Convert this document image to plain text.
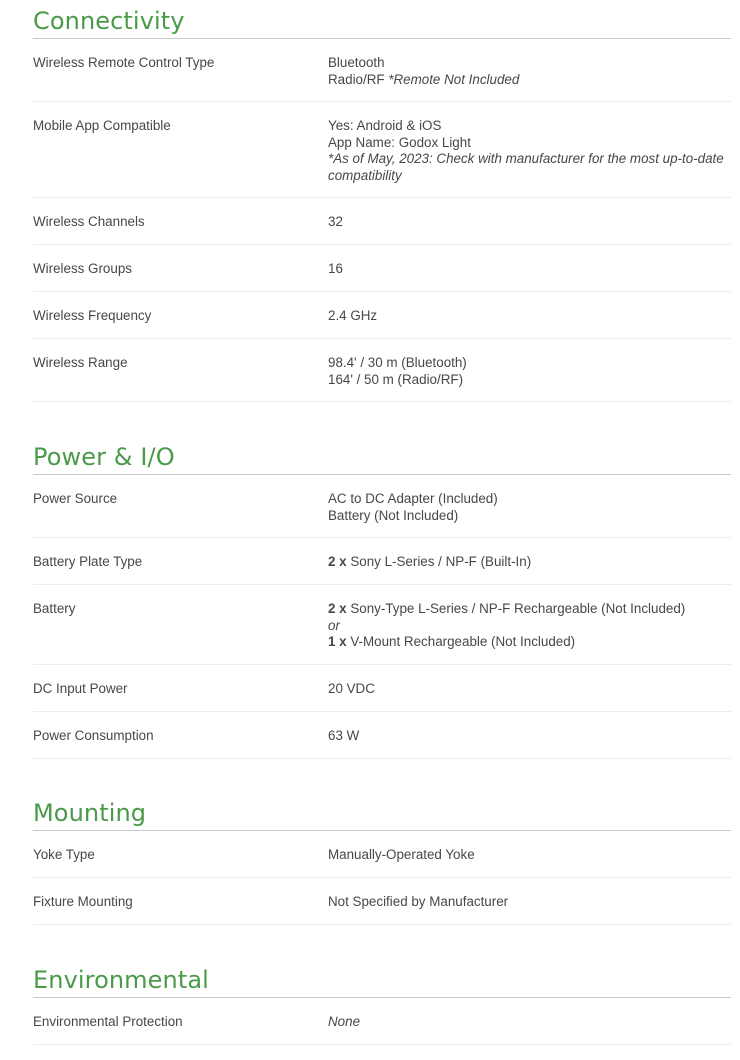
Connectivity
Wireless Remote Control Type	Bluetooth
Radio/RF *Remote Not Included
Mobile App Compatible	Yes: Android & iOS
App Name: Godox Light
*As of May, 2023: Check with manufacturer for the most up-to-date compatibility
Wireless Channels	32
Wireless Groups	16
Wireless Frequency	2.4 GHz
Wireless Range	98.4' / 30 m (Bluetooth)
164' / 50 m (Radio/RF)
Power & I/O
Power Source	AC to DC Adapter (Included)
Battery (Not Included)
Battery Plate Type	2 x Sony L-Series / NP-F (Built-In)
Battery	2 x Sony-Type L-Series / NP-F Rechargeable (Not Included)
or
1 x V-Mount Rechargeable (Not Included)
DC Input Power	20 VDC
Power Consumption	63 W
Mounting
Yoke Type	Manually-Operated Yoke
Fixture Mounting	Not Specified by Manufacturer
Environmental
Environmental Protection	None
